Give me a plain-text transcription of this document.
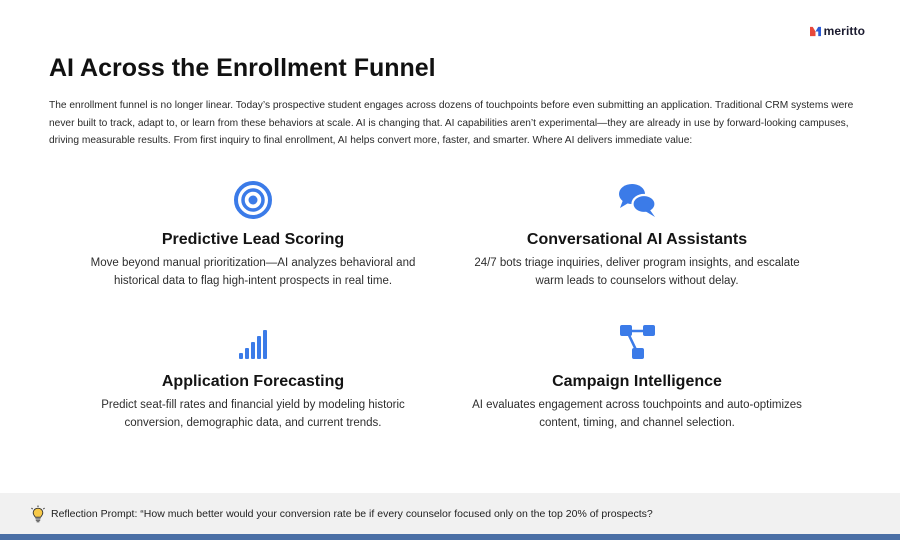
meritto
AI Across the Enrollment Funnel

The enrollment funnel is no longer linear. Today’s prospective student engages across dozens of touchpoints before even submitting an application. Traditional CRM systems were never built to track, adapt to, or learn from these behaviors at scale. AI is changing that. AI capabilities aren’t experimental—they are already in use by forward-looking campuses, driving measurable results. From first inquiry to final enrollment, AI helps convert more, faster, and smarter. Where AI delivers immediate value:

Predictive Lead Scoring
Move beyond manual prioritization—AI analyzes behavioral and historical data to flag high-intent prospects in real time.
Conversational AI Assistants
24/7 bots triage inquiries, deliver program insights, and escalate warm leads to counselors without delay.
Application Forecasting
Predict seat-fill rates and financial yield by modeling historic conversion, demographic data, and current trends.
Campaign Intelligence
AI evaluates engagement across touchpoints and auto-optimizes content, timing, and channel selection.
Reflection Prompt: “How much better would your conversion rate be if every counselor focused only on the top 20% of prospects?
